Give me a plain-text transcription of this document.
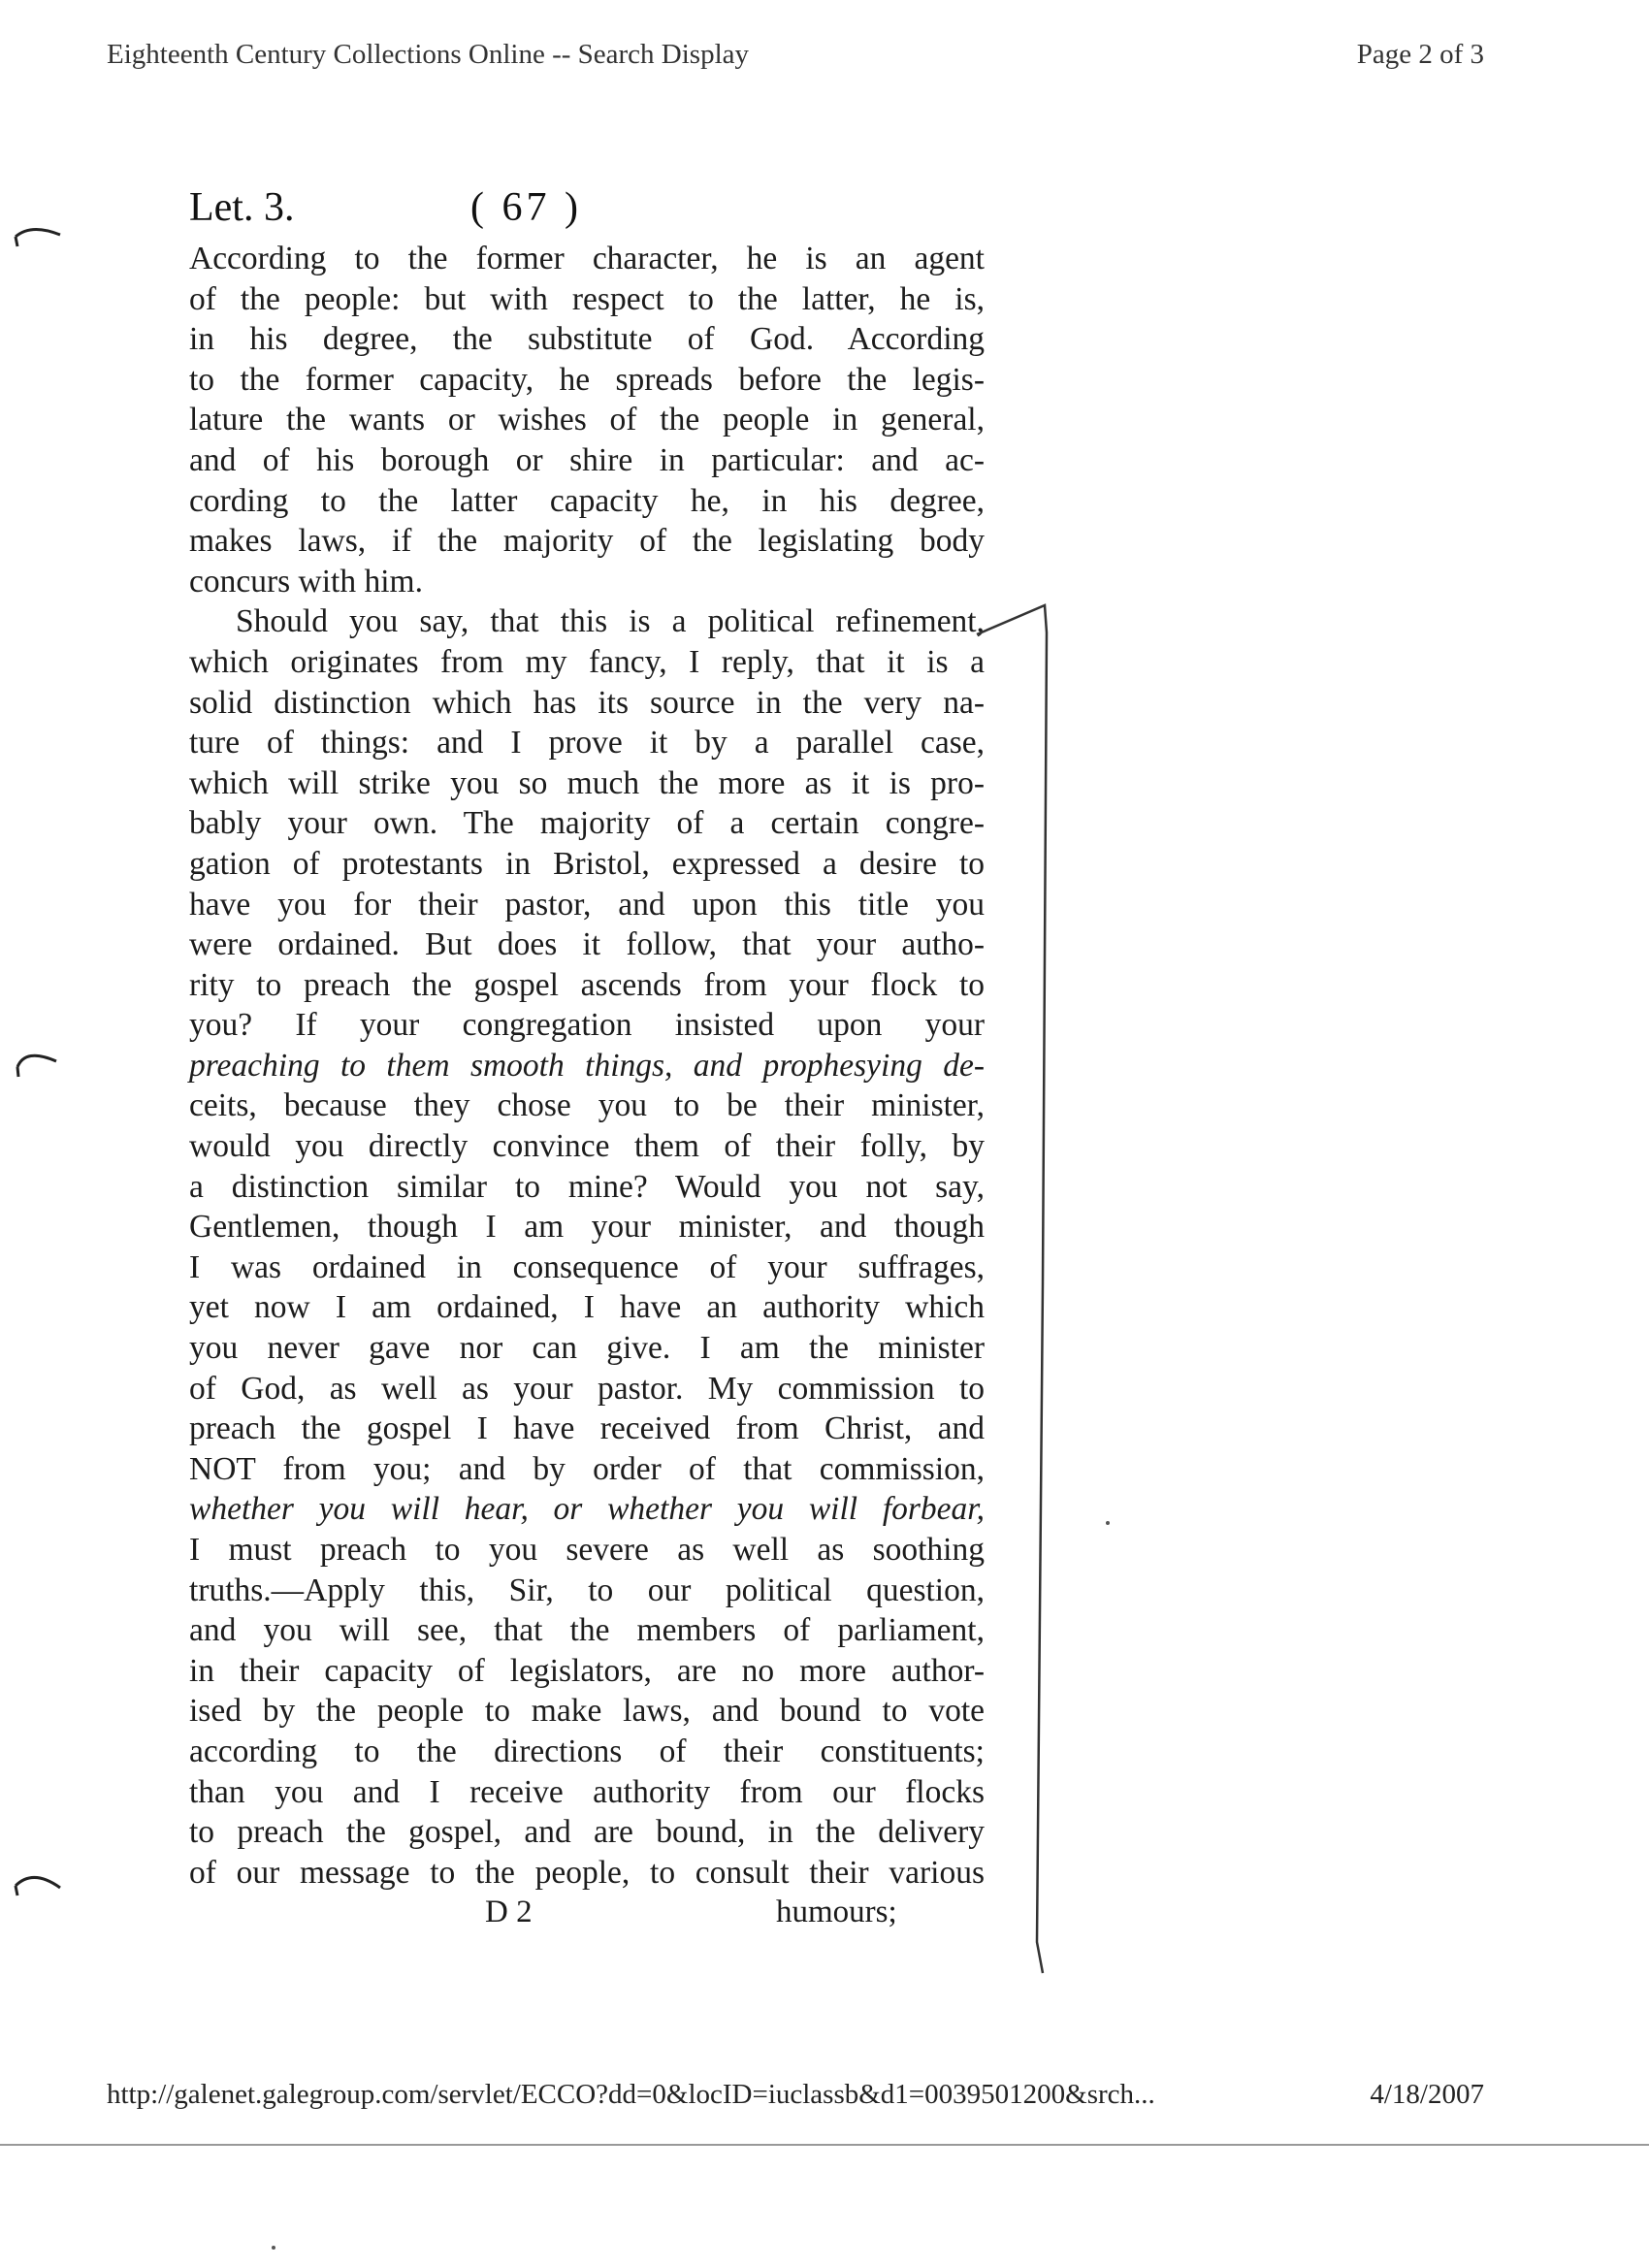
Eighteenth Century Collections Online -- Search Display	Page 2 of 3
Let. 3.	( 67 )
According to the former character, he is an agent
of the people: but with respect to the latter, he is,
in his degree, the substitute of God. According
to the former capacity, he spreads before the legis-
lature the wants or wishes of the people in general,
and of his borough or shire in particular: and ac-
cording to the latter capacity he, in his degree,
makes laws, if the majority of the legislating body
concurs with him.
Should you say, that this is a political refinement,
which originates from my fancy, I reply, that it is a
solid distinction which has its source in the very na-
ture of things: and I prove it by a parallel case,
which will strike you so much the more as it is pro-
bably your own. The majority of a certain congre-
gation of protestants in Bristol, expressed a desire to
have you for their pastor, and upon this title you
were ordained. But does it follow, that your autho-
rity to preach the gospel ascends from your flock to
you? If your congregation insisted upon your
preaching to them smooth things, and prophesying de-
ceits, because they chose you to be their minister,
would you directly convince them of their folly, by
a distinction similar to mine? Would you not say,
Gentlemen, though I am your minister, and though
I was ordained in consequence of your suffrages,
yet now I am ordained, I have an authority which
you never gave nor can give. I am the minister
of God, as well as your pastor. My commission to
preach the gospel I have received from Christ, and
NOT from you; and by order of that commission,
whether you will hear, or whether you will forbear,
I must preach to you severe as well as soothing
truths.—Apply this, Sir, to our political question,
and you will see, that the members of parliament,
in their capacity of legislators, are no more author-
ised by the people to make laws, and bound to vote
according to the directions of their constituents;
than you and I receive authority from our flocks
to preach the gospel, and are bound, in the delivery
of our message to the people, to consult their various
D 2	humours;
http://galenet.galegroup.com/servlet/ECCO?dd=0&locID=iuclassb&d1=0039501200&srch...	4/18/2007
